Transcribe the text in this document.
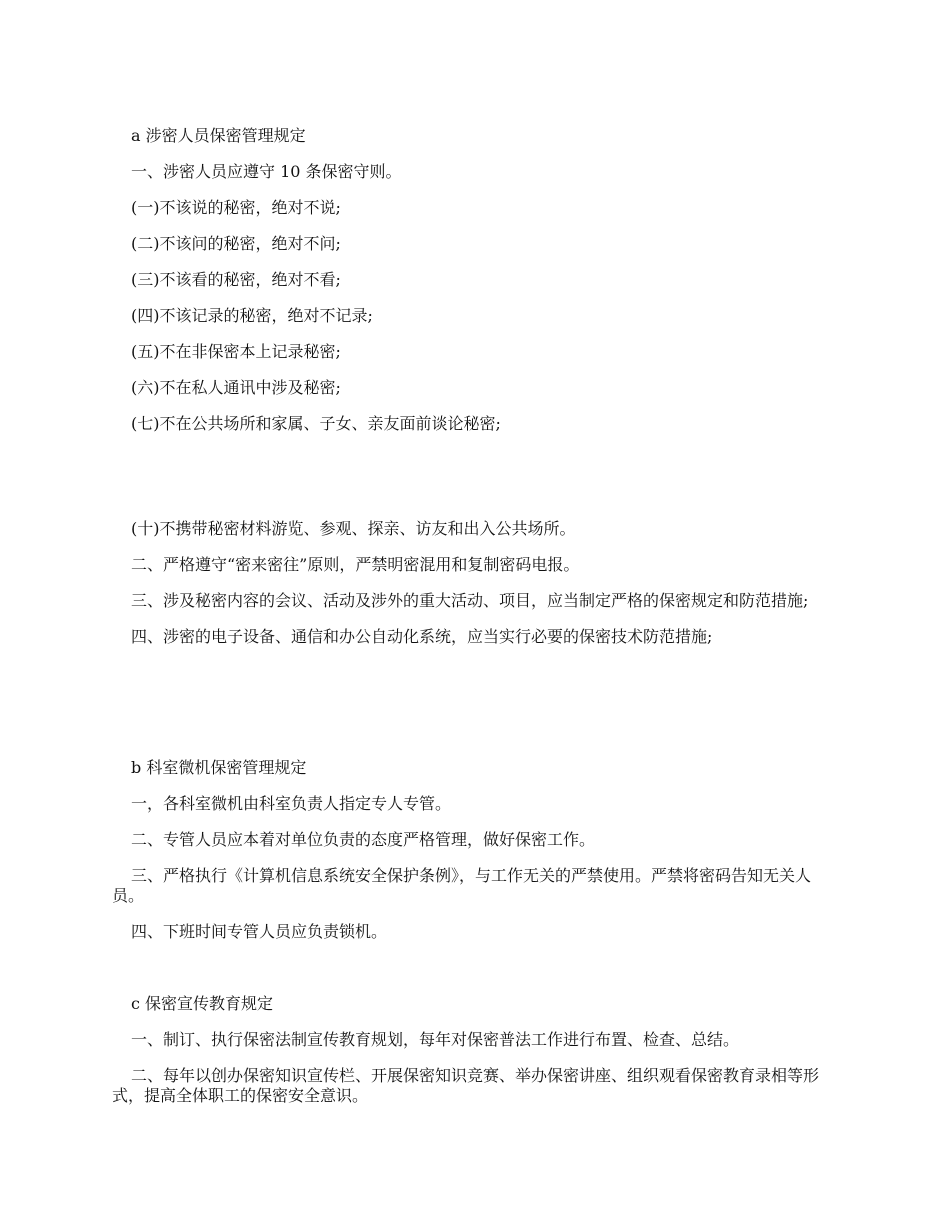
a 涉密人员保密管理规定

一、涉密人员应遵守 10 条保密守则。

(一)不该说的秘密，绝对不说;

(二)不该问的秘密，绝对不问;

(三)不该看的秘密，绝对不看;

(四)不该记录的秘密，绝对不记录;

(五)不在非保密本上记录秘密;

(六)不在私人通讯中涉及秘密;

(七)不在公共场所和家属、子女、亲友面前谈论秘密;

(十)不携带秘密材料游览、参观、探亲、访友和出入公共场所。

二、严格遵守“密来密往”原则，严禁明密混用和复制密码电报。

三、涉及秘密内容的会议、活动及涉外的重大活动、项目，应当制定严格的保密规定和防范措施;

四、涉密的电子设备、通信和办公自动化系统，应当实行必要的保密技术防范措施;

b 科室微机保密管理规定

一，各科室微机由科室负责人指定专人专管。

二、专管人员应本着对单位负责的态度严格管理，做好保密工作。

三、严格执行《计算机信息系统安全保护条例》，与工作无关的严禁使用。严禁将密码告知无关人员。

四、下班时间专管人员应负责锁机。

c 保密宣传教育规定

一、制订、执行保密法制宣传教育规划，每年对保密普法工作进行布置、检查、总结。

二、每年以创办保密知识宣传栏、开展保密知识竞赛、举办保密讲座、组织观看保密教育录相等形式，提高全体职工的保密安全意识。
